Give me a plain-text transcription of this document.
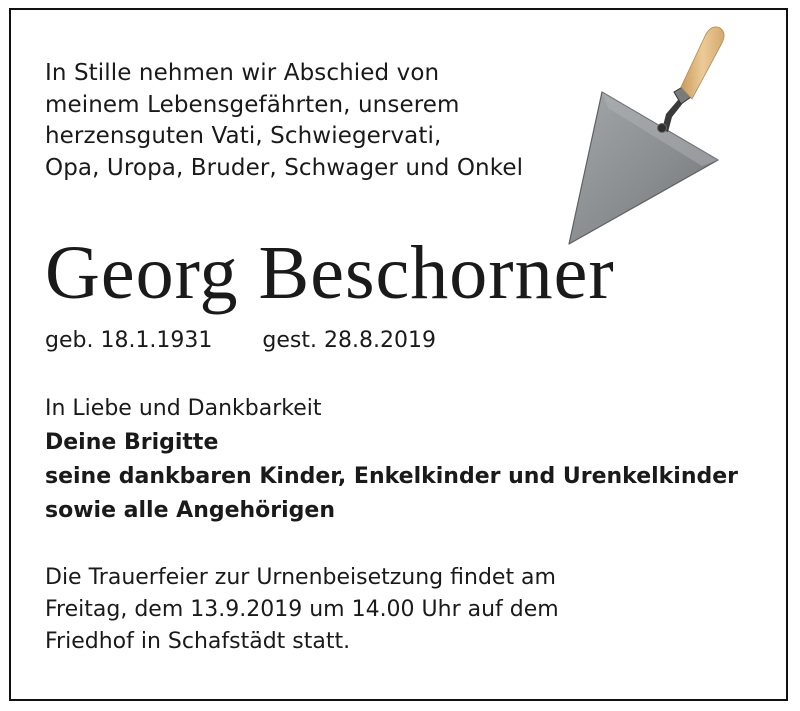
In Stille nehmen wir Abschied von
meinem Lebensgefährten, unserem
herzensguten Vati, Schwiegervati,
Opa, Uropa, Bruder, Schwager und Onkel
Georg Beschorner
geb. 18.1.1931 gest. 28.8.2019
In Liebe und Dankbarkeit
Deine Brigitte
seine dankbaren Kinder, Enkelkinder und Urenkelkinder
sowie alle Angehörigen
Die Trauerfeier zur Urnenbeisetzung findet am
Freitag, dem 13.9.2019 um 14.00 Uhr auf dem
Friedhof in Schafstädt statt.
